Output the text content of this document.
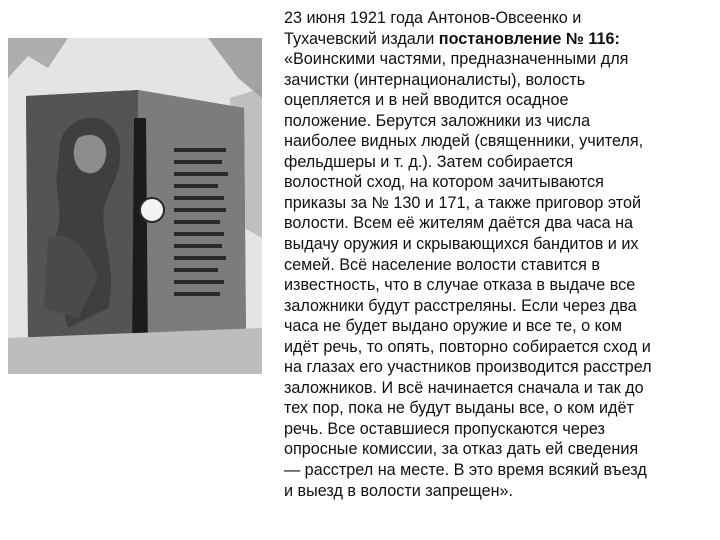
23 июня 1921 года Антонов-Овсеенко и
Тухачевский издали постановление № 116:
«Воинскими частями, предназначенными для
зачистки (интернационалисты), волость
оцепляется и в ней вводится осадное
положение. Берутся заложники из числа
наиболее видных людей (священники, учителя,
фельдшеры и т. д.). Затем собирается
волостной сход, на котором зачитываются
приказы за № 130 и 171, а также приговор этой
волости. Всем её жителям даётся два часа на
выдачу оружия и скрывающихся бандитов и их
семей. Всё население волости ставится в
известность, что в случае отказа в выдаче все
заложники будут расстреляны. Если через два
часа не будет выдано оружие и все те, о ком
идёт речь, то опять, повторно собирается сход и
на глазах его участников производится расстрел
заложников. И всё начинается сначала и так до
тех пор, пока не будут выданы все, о ком идёт
речь. Все оставшиеся пропускаются через
опросные комиссии, за отказ дать ей сведения
— расстрел на месте. В это время всякий въезд
и выезд в волости запрещен».
